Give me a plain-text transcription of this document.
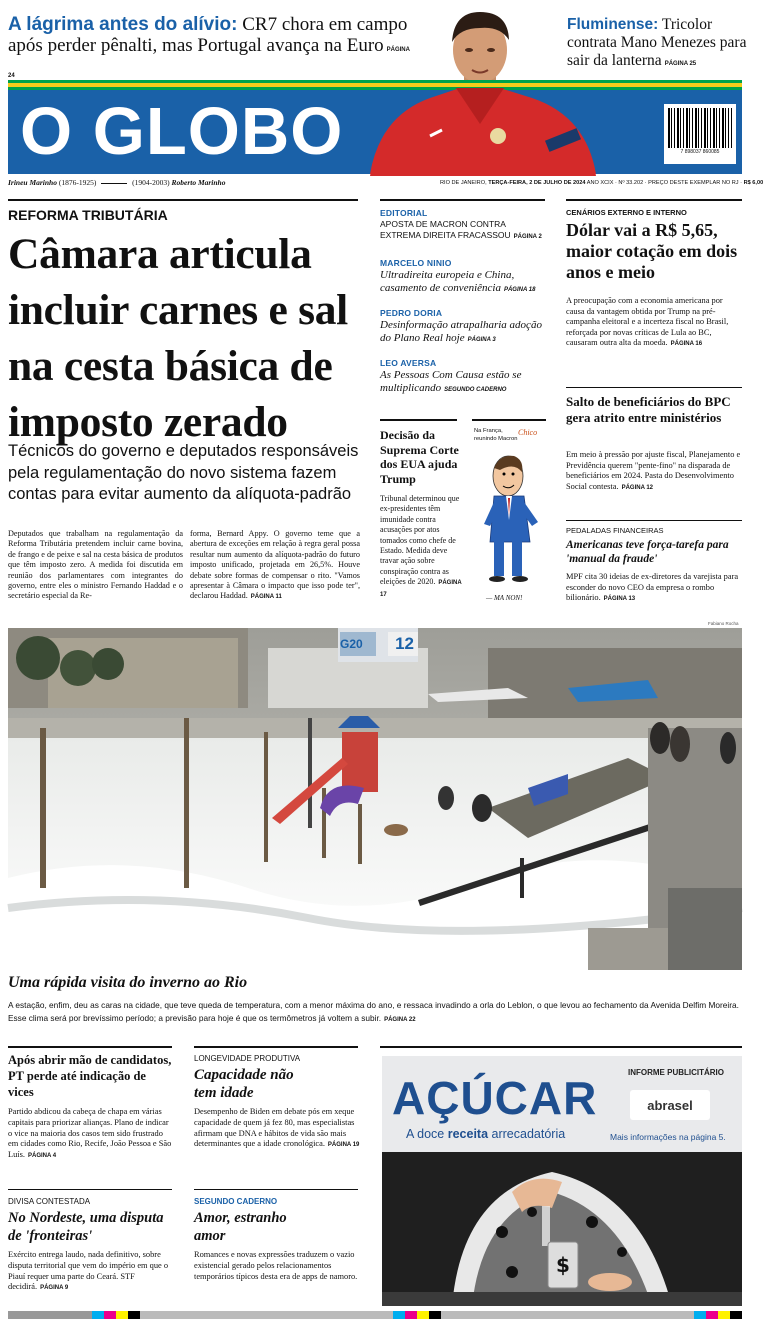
A lágrima antes do alívio: CR7 chora em campo após perder pênalti, mas Portugal avança na Euro PÁGINA 24
Fluminense: Tricolor contrata Mano Menezes para sair da lanterna PÁGINA 25
O GLOBO	7 898037 860085
Irineu Marinho (1876-1925)	(1904-2003) Roberto Marinho	RIO DE JANEIRO, TERÇA-FEIRA, 2 DE JULHO DE 2024 ANO XCIX · Nº 33.202 · PREÇO DESTE EXEMPLAR NO RJ · R$ 6,00
REFORMA TRIBUTÁRIA
Câmara articula incluir carnes e sal na cesta básica de imposto zerado
Técnicos do governo e deputados responsáveis pela regulamentação do novo sistema fazem contas para evitar aumento da alíquota-padrão
Deputados que trabalham na regulamentação da Reforma Tributária pretendem incluir carne bovina, de frango e de peixe e sal na cesta básica de produtos que têm imposto zero. A medida foi discutida em reunião dos parlamentares com integrantes do governo, entre eles o ministro Fernando Haddad e o secretário especial da Re-
forma, Bernard Appy. O governo teme que a abertura de exceções em relação à regra geral possa resultar num aumento da alíquota-padrão do futuro imposto unificado, projetada em 26,5%. Houve debate sobre formas de compensar o rito. "Vamos apresentar à Câmara o impacto que isso pode ter", declarou Haddad. PÁGINA 11
EDITORIAL
APOSTA DE MACRON CONTRA EXTREMA DIREITA FRACASSOU PÁGINA 2
MARCELO NINIO
Ultradireita europeia e China, casamento de conveniência PÁGINA 18
PEDRO DORIA
Desinformação atrapalharia adoção do Plano Real hoje PÁGINA 3
LEO AVERSA
As Pessoas Com Causa estão se multiplicando SEGUNDO CADERNO
Decisão da Suprema Corte dos EUA ajuda Trump
Tribunal determinou que ex-presidentes têm imunidade contra acusações por atos tomados como chefe de Estado. Medida deve travar ação sobre conspiração contra as eleições de 2020. PÁGINA 17
Na França, reunindo Macron
Chico
— MA NON!
CENÁRIOS EXTERNO E INTERNO
Dólar vai a R$ 5,65, maior cotação em dois anos e meio
A preocupação com a economia americana por causa da vantagem obtida por Trump na pré-campanha eleitoral e a incerteza fiscal no Brasil, reforçada por novas críticas de Lula ao BC, causaram outra alta da moeda. PÁGINA 16
Salto de beneficiários do BPC gera atrito entre ministérios
Em meio à pressão por ajuste fiscal, Planejamento e Previdência querem "pente-fino" na disparada de beneficiários em 2024. Pasta do Desenvolvimento Social contesta. PÁGINA 12
PEDALADAS FINANCEIRAS
Americanas teve força-tarefa para 'manual da fraude'
MPF cita 30 ideias de ex-diretores da varejista para esconder do novo CEO da empresa o rombo bilionário. PÁGINA 13
Fabiano Rocha
G20 12
Uma rápida visita do inverno ao Rio
A estação, enfim, deu as caras na cidade, que teve queda de temperatura, com a menor máxima do ano, e ressaca invadindo a orla do Leblon, o que levou ao fechamento da Avenida Delfim Moreira. Esse clima será por brevíssimo período; a previsão para hoje é que os termômetros já voltem a subir. PÁGINA 22
Após abrir mão de candidatos, PT perde até indicação de vices
Partido abdicou da cabeça de chapa em várias capitais para priorizar alianças. Plano de indicar o vice na maioria dos casos tem sido frustrado em cidades como Rio, Recife, João Pessoa e São Luís. PÁGINA 4
LONGEVIDADE PRODUTIVA
Capacidade não tem idade
Desempenho de Biden em debate pós em xeque capacidade de quem já fez 80, mas especialistas afirmam que DNA e hábitos de vida são mais determinantes que a idade cronológica. PÁGINA 19
DIVISA CONTESTADA
No Nordeste, uma disputa de 'fronteiras'
Exército entrega laudo, nada definitivo, sobre disputa territorial que vem do império em que o Piauí requer uma parte do Ceará. STF decidirá. PÁGINA 9
SEGUNDO CADERNO
Amor, estranho amor
Romances e novas expressões traduzem o vazio existencial gerado pelos relacionamentos temporários típicos desta era de apps de namoro.
INFORME PUBLICITÁRIO
AÇÚCAR
A doce receita arrecadatória
abrasel
Mais informações na página 5.
$
